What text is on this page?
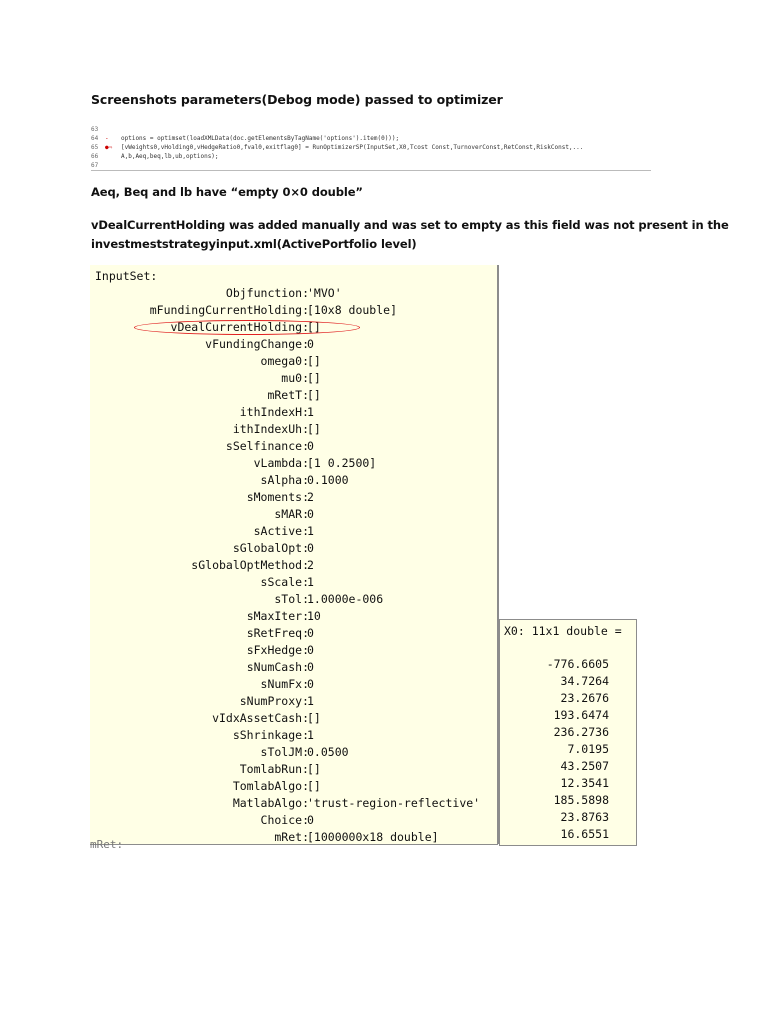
Screenshots parameters(Debog mode) passed to optimizer
63
64	-	options = optimset(loadXMLData(doc.getElementsByTagName('options').item(0)));
65	●⇨	[vWeights0,vHolding0,vHedgeRatio0,fval0,exitflag0] = RunOptimizerSP(InputSet,X0,Tcost Const,TurnoverConst,RetConst,RiskConst,...
66	A,b,Aeq,beq,lb,ub,options);
67
Aeq, Beq and lb have “empty 0×0 double”
vDealCurrentHolding was added manually and was set to empty as this field was not present in the
investmeststrategyinput.xml(ActivePortfolio level)
InputSet:
Objfunction:
'MVO'
mFundingCurrentHolding:
[10x8 double]
vDealCurrentHolding:
[]
vFundingChange:
0
omega0:
[]
mu0:
[]
mRetT:
[]
ithIndexH:
1
ithIndexUh:
[]
sSelfinance:
0
vLambda:
[1 0.2500]
sAlpha:
0.1000
sMoments:
2
sMAR:
0
sActive:
1
sGlobalOpt:
0
sGlobalOptMethod:
2
sScale:
1
sTol:
1.0000e-006
sMaxIter:
10
sRetFreq:
0
sFxHedge:
0
sNumCash:
0
sNumFx:
0
sNumProxy:
1
vIdxAssetCash:
[]
sShrinkage:
1
sTolJM:
0.0500
TomlabRun:
[]
TomlabAlgo:
[]
MatlabAlgo:
'trust-region-reflective'
Choice:
0
mRet:
[1000000x18 double]
X0: 11x1 double =
-776.6605
34.7264
23.2676
193.6474
236.2736
7.0195
43.2507
12.3541
185.5898
23.8763
16.6551
mRet:
